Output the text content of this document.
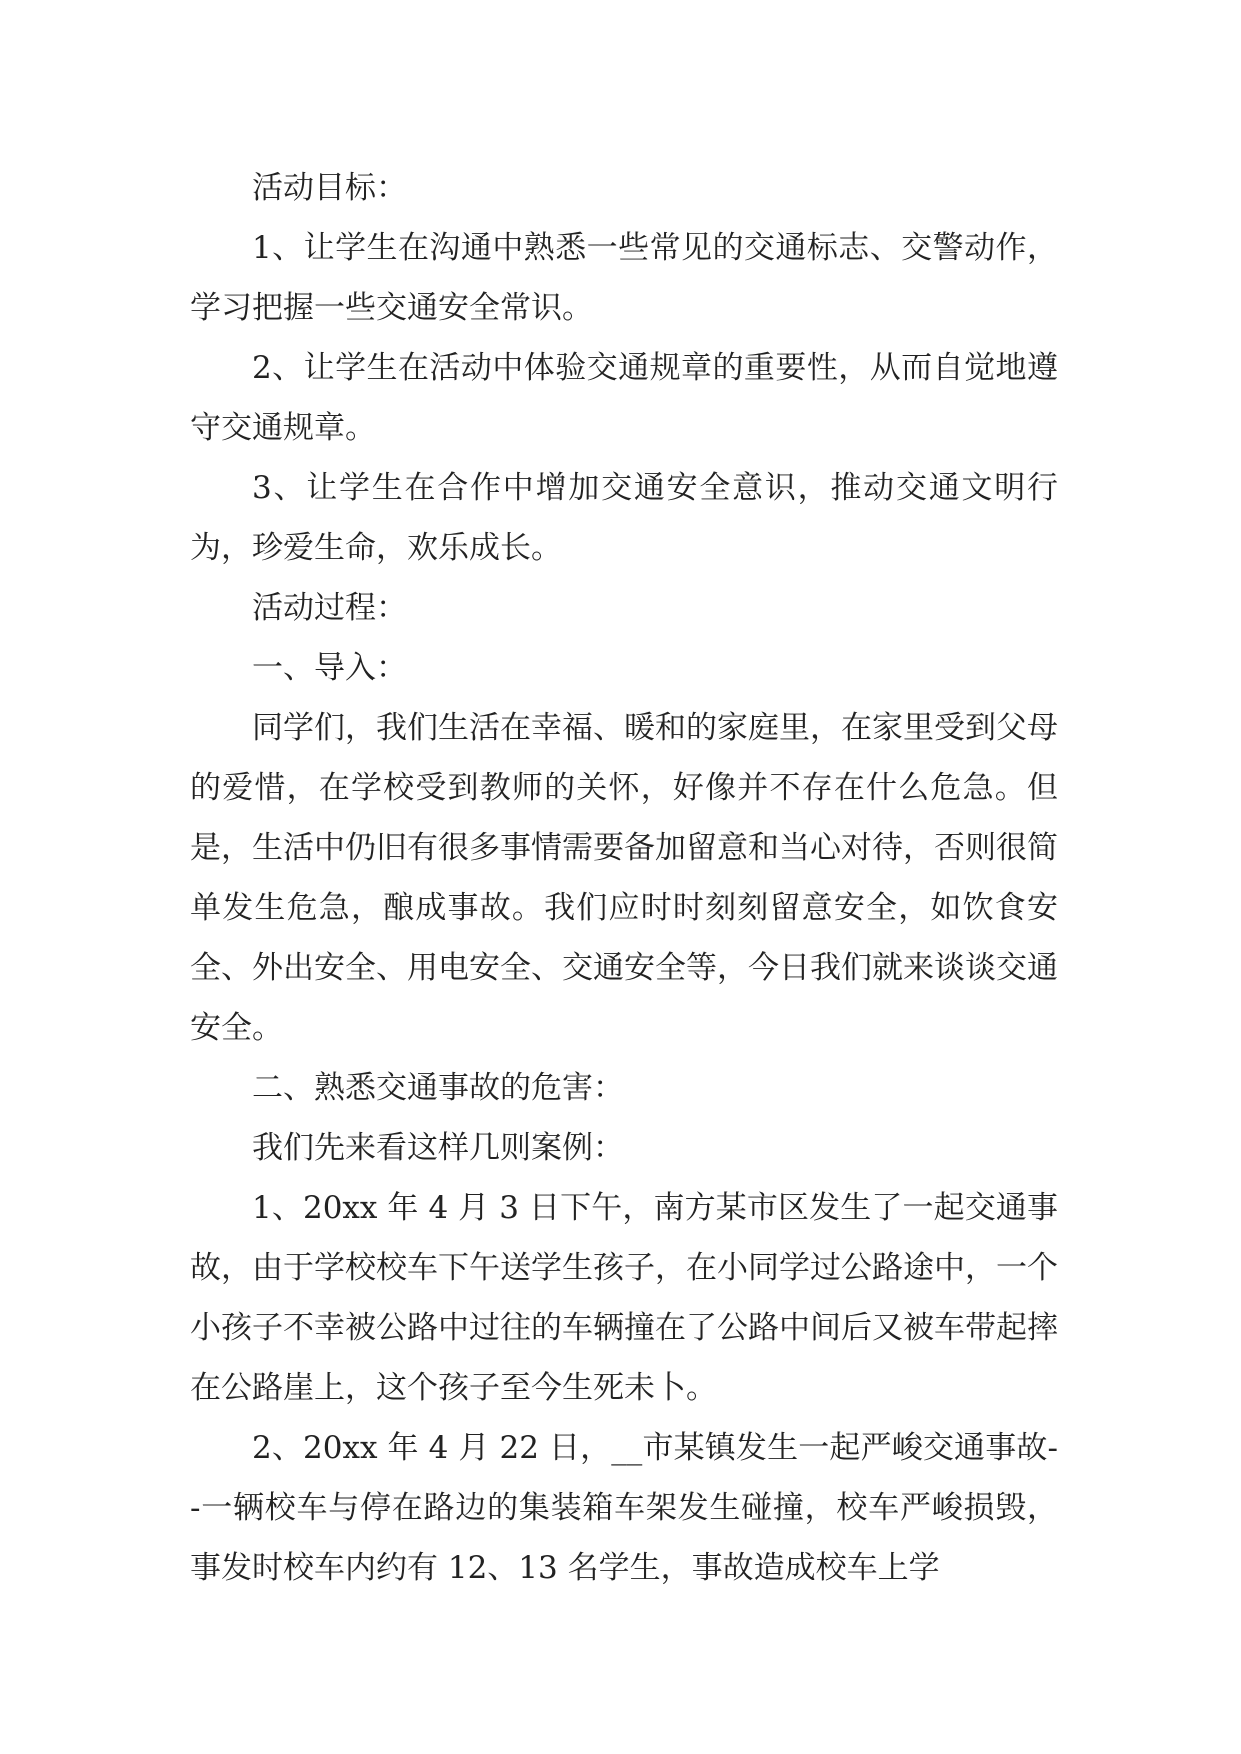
活动目标：

1、让学生在沟通中熟悉一些常见的交通标志、交警动作，学习把握一些交通安全常识。

2、让学生在活动中体验交通规章的重要性，从而自觉地遵守交通规章。

3、让学生在合作中增加交通安全意识，推动交通文明行为，珍爱生命，欢乐成长。

活动过程：

一、导入：

同学们，我们生活在幸福、暖和的家庭里，在家里受到父母的爱惜，在学校受到教师的关怀，好像并不存在什么危急。但是，生活中仍旧有很多事情需要备加留意和当心对待，否则很简单发生危急，酿成事故。我们应时时刻刻留意安全，如饮食安全、外出安全、用电安全、交通安全等，今日我们就来谈谈交通安全。

二、熟悉交通事故的危害：

我们先来看这样几则案例：

1、20xx 年 4 月 3 日下午，南方某市区发生了一起交通事故，由于学校校车下午送学生孩子，在小同学过公路途中，一个小孩子不幸被公路中过往的车辆撞在了公路中间后又被车带起摔在公路崖上，这个孩子至今生死未卜。

2、20xx 年 4 月 22 日，__市某镇发生一起严峻交通事故--一辆校车与停在路边的集装箱车架发生碰撞，校车严峻损毁，事发时校车内约有 12、13 名学生，事故造成校车上学
